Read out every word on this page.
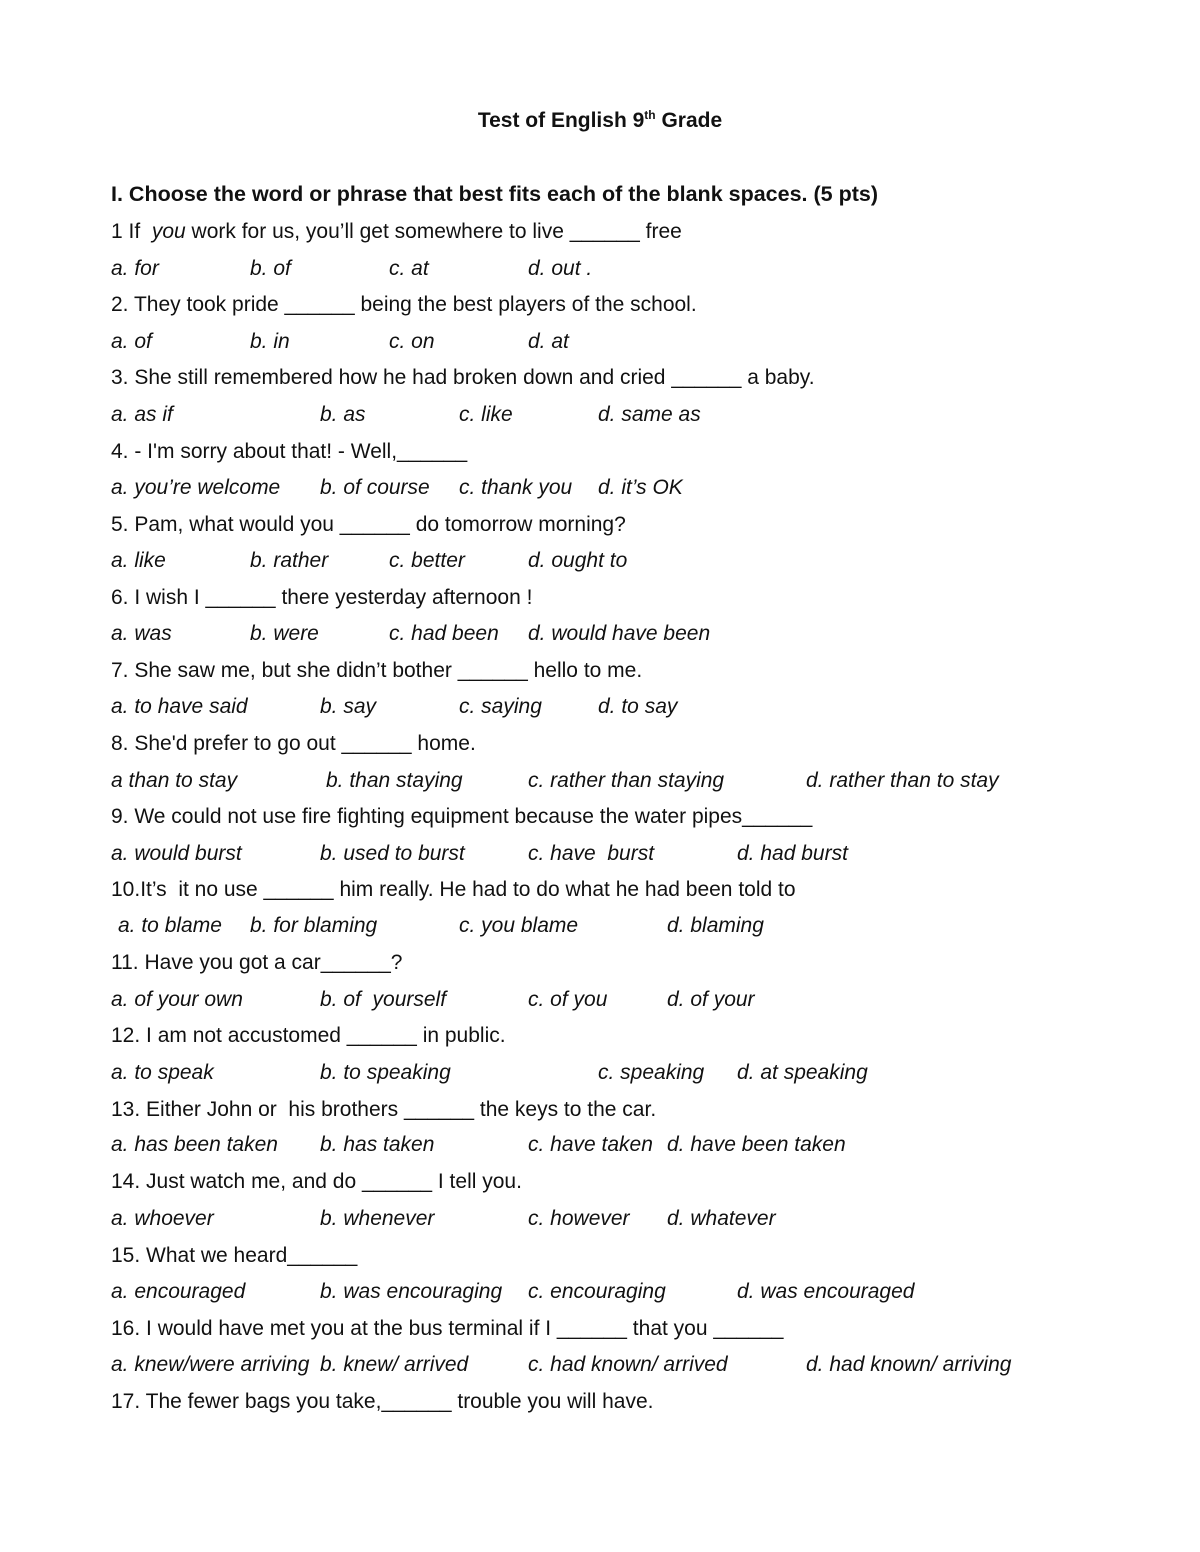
Test of English 9th Grade
I. Choose the word or phrase that best fits each of the blank spaces. (5 pts)
1 If  you work for us, you’ll get somewhere to live ______ free
a. for	b. of	c. at	d. out .
2. They took pride ______ being the best players of the school.
a. of	b. in	c. on	d. at
3. She still remembered how he had broken down and cried ______ a baby.
a. as if	b. as	c. like	d. same as
4. - I'm sorry about that! - Well,______
a. you’re welcome b. of course c. thank you d. it’s OK
5. Pam, what would you ______ do tomorrow morning?
a. like	b. rather	c. better	d. ought to
6. I wish I ______ there yesterday afternoon !
a. was	b. were	c. had been d. would have been
7. She saw me, but she didn’t bother ______ hello to me.
a. to have said	b. say	c. saying	d. to say
8. She'd prefer to go out ______ home.
a than to stay	b. than staying	c. rather than staying	d. rather than to stay
9. We could not use fire fighting equipment because the water pipes______
a. would burst	b. used to burst	c. have  burst	d. had burst
10.It’s  it no use ______ him really. He had to do what he had been told to
a. to blame b. for blaming	c. you blame	d. blaming
11. Have you got a car______?
a. of your own	b. of  yourself	c. of you	d. of your
12. I am not accustomed ______ in public.
a. to speak	b. to speaking	c. speaking d. at speaking
13. Either John or  his brothers ______ the keys to the car.
a. has been taken b. has taken	c. have taken d. have been taken
14. Just watch me, and do ______ I tell you.
a. whoever	b. whenever	c. however d. whatever
15. What we heard______
a. encouraged	b. was encouraging c. encouraging	d. was encouraged
16. I would have met you at the bus terminal if I ______ that you ______
a. knew/were arriving b. knew/ arrived	c. had known/ arrived	d. had known/ arriving
17. The fewer bags you take,______ trouble you will have.
